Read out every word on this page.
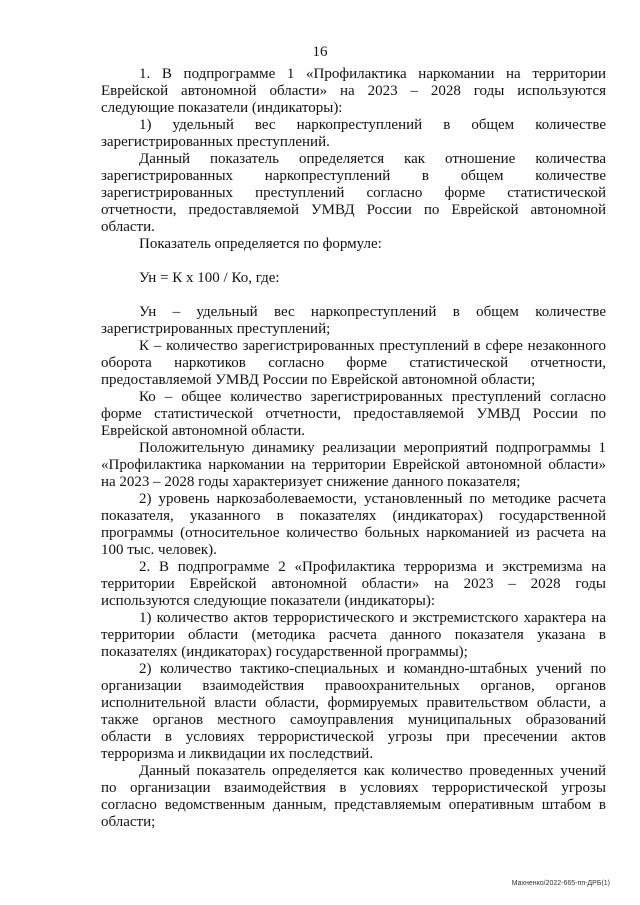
16

1. В подпрограмме 1 «Профилактика наркомании на территории Еврейской автономной области» на 2023 – 2028 годы используются следующие показатели (индикаторы):

1) удельный вес наркопреступлений в общем количестве зарегистрированных преступлений.

Данный показатель определяется как отношение количества зарегистрированных наркопреступлений в общем количестве зарегистрированных преступлений согласно форме статистической отчетности, предоставляемой УМВД России по Еврейской автономной области.

Показатель определяется по формуле:

Ун = К х 100 / Ко, где:

Ун – удельный вес наркопреступлений в общем количестве зарегистрированных преступлений;

К – количество зарегистрированных преступлений в сфере незаконного оборота наркотиков согласно форме статистической отчетности, предоставляемой УМВД России по Еврейской автономной области;

Ко – общее количество зарегистрированных преступлений согласно форме статистической отчетности, предоставляемой УМВД России по Еврейской автономной области.

Положительную динамику реализации мероприятий подпрограммы 1 «Профилактика наркомании на территории Еврейской автономной области» на 2023 – 2028 годы характеризует снижение данного показателя;

2) уровень наркозаболеваемости, установленный по методике расчета показателя, указанного в показателях (индикаторах) государственной программы (относительное количество больных наркоманией из расчета на 100 тыс. человек).

2. В подпрограмме 2 «Профилактика терроризма и экстремизма на территории Еврейской автономной области» на 2023 – 2028 годы используются следующие показатели (индикаторы):

1) количество актов террористического и экстремистского характера на территории области (методика расчета данного показателя указана в показателях (индикаторах) государственной программы);

2) количество тактико-специальных и командно-штабных учений по организации взаимодействия правоохранительных органов, органов исполнительной власти области, формируемых правительством области, а также органов местного самоуправления муниципальных образований области в условиях террористической угрозы при пресечении актов терроризма и ликвидации их последствий.

Данный показатель определяется как количество проведенных учений по организации взаимодействия в условиях террористической угрозы согласно ведомственным данным, представляемым оперативным штабом в области;

Махненко/2022-665-пп-ДРБ(1)
